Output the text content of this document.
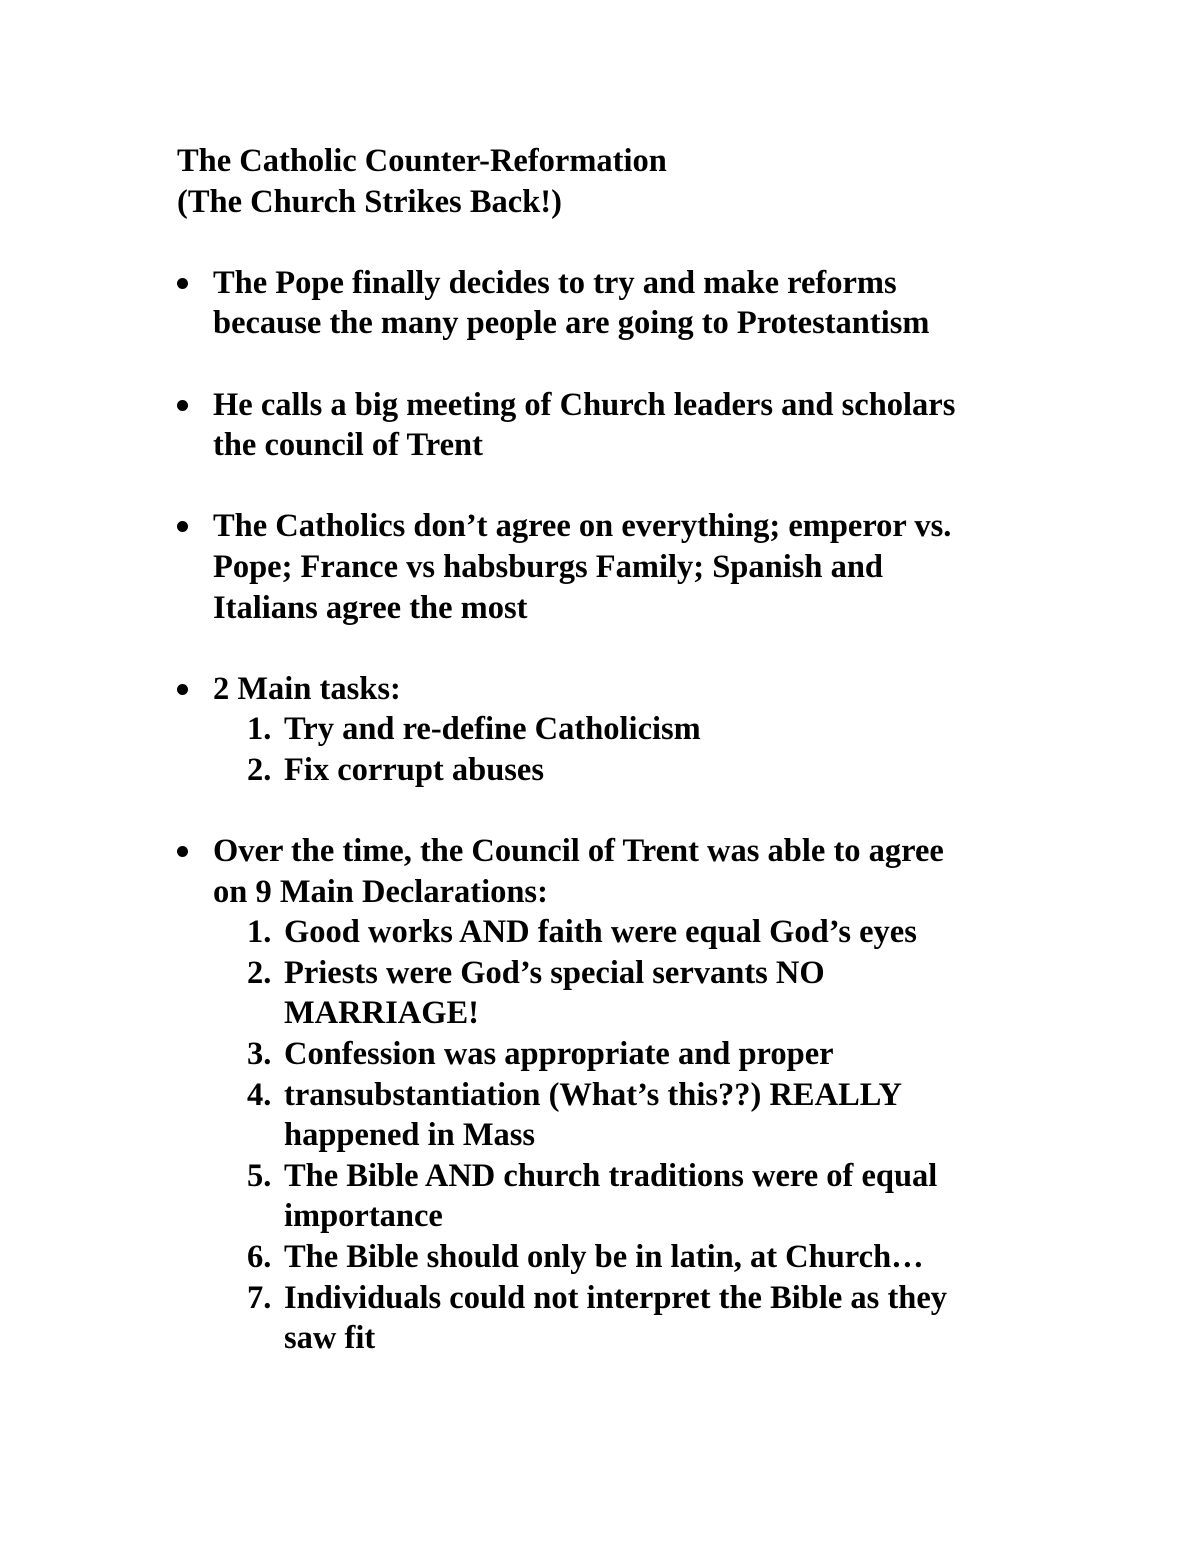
The Catholic Counter-Reformation
(The Church Strikes Back!)
The Pope finally decides to try and make reforms
because the many people are going to Protestantism
He calls a big meeting of Church leaders and scholars
the council of Trent
The Catholics don’t agree on everything; emperor vs.
Pope; France vs habsburgs Family; Spanish and
Italians agree the most
2 Main tasks:
1. Try and re-define Catholicism
2. Fix corrupt abuses
Over the time, the Council of Trent was able to agree
on 9 Main Declarations:
1. Good works AND faith were equal God’s eyes
2. Priests were God’s special servants NO
MARRIAGE!
3. Confession was appropriate and proper
4. transubstantiation (What’s this??) REALLY
happened in Mass
5. The Bible AND church traditions were of equal
importance
6. The Bible should only be in latin, at Church…
7. Individuals could not interpret the Bible as they
saw fit
